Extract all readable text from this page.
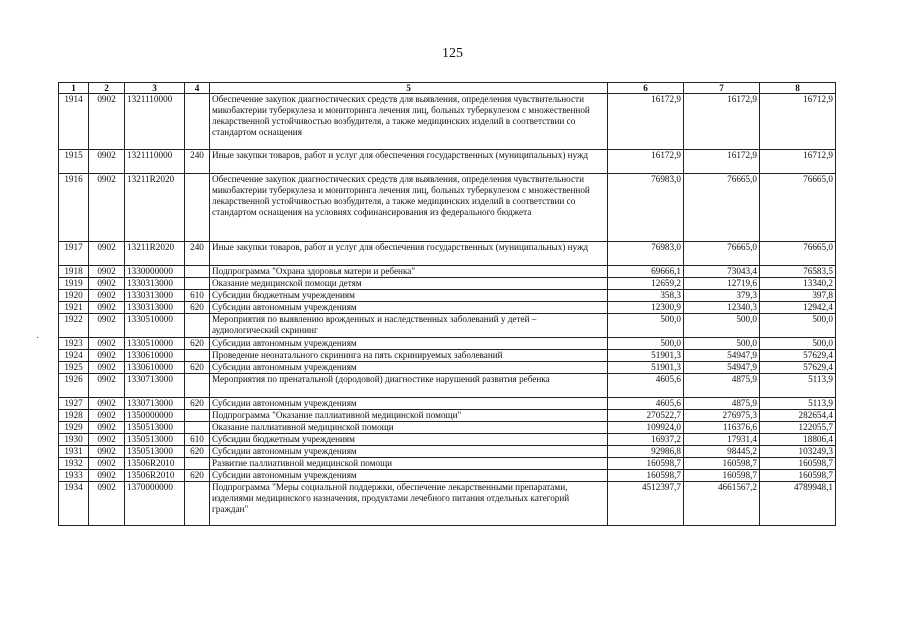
125
1	2	3	4	5	6	7	8
1914	0902	1321110000		Обеспечение закупок диагностических средств для выявления, определения чувствительности микобактерии туберкулеза и мониторинга лечения лиц, больных туберкулезом с множественной лекарственной устойчивостью возбудителя, а также медицинских изделий в соответствии со стандартом оснащения	16172,9	16172,9	16712,9
1915	0902	1321110000	240	Иные закупки товаров, работ и услуг для обеспечения государственных (муниципальных) нужд	16172,9	16172,9	16712,9
1916	0902	13211R2020		Обеспечение закупок диагностических средств для выявления, определения чувствительности микобактерии туберкулеза и мониторинга лечения лиц, больных туберкулезом с множественной лекарственной устойчивостью возбудителя, а также медицинских изделий в соответствии со стандартом оснащения на условиях софинансирования из федерального бюджета	76983,0	76665,0	76665,0
1917	0902	13211R2020	240	Иные закупки товаров, работ и услуг для обеспечения государственных (муниципальных) нужд	76983,0	76665,0	76665,0
1918	0902	1330000000		Подпрограмма "Охрана здоровья матери и ребенка"	69666,1	73043,4	76583,5
1919	0902	1330313000		Оказание медицинской помощи детям	12659,2	12719,6	13340,2
1920	0902	1330313000	610	Субсидии бюджетным учреждениям	358,3	379,3	397,8
1921	0902	1330313000	620	Субсидии автономным учреждениям	12300,9	12340,3	12942,4
1922	0902	1330510000		Мероприятия по выявлению врожденных и наследственных заболеваний у детей – аудиологический скрининг	500,0	500,0	500,0
1923	0902	1330510000	620	Субсидии автономным учреждениям	500,0	500,0	500,0
1924	0902	1330610000		Проведение неонатального скрининга на пять скринируемых заболеваний	51901,3	54947,9	57629,4
1925	0902	1330610000	620	Субсидии автономным учреждениям	51901,3	54947,9	57629,4
1926	0902	1330713000		Мероприятия по пренатальной (дородовой) диагностике нарушений развития ребенка	4605,6	4875,9	5113,9
1927	0902	1330713000	620	Субсидии автономным учреждениям	4605,6	4875,9	5113,9
1928	0902	1350000000		Подпрограмма "Оказание паллиативной медицинской помощи"	270522,7	276975,3	282654,4
1929	0902	1350513000		Оказание паллиативной медицинской помощи	109924,0	116376,6	122055,7
1930	0902	1350513000	610	Субсидии бюджетным учреждениям	16937,2	17931,4	18806,4
1931	0902	1350513000	620	Субсидии автономным учреждениям	92986,8	98445,2	103249,3
1932	0902	13506R2010		Развитие паллиативной медицинской помощи	160598,7	160598,7	160598,7
1933	0902	13506R2010	620	Субсидии автономным учреждениям	160598,7	160598,7	160598,7
1934	0902	1370000000		Подпрограмма "Меры социальной поддержки, обеспечение лекарственными препаратами, изделиями медицинского назначения, продуктами лечебного питания отдельных категорий граждан"	4512397,7	4661567,2	4789948,1
·
